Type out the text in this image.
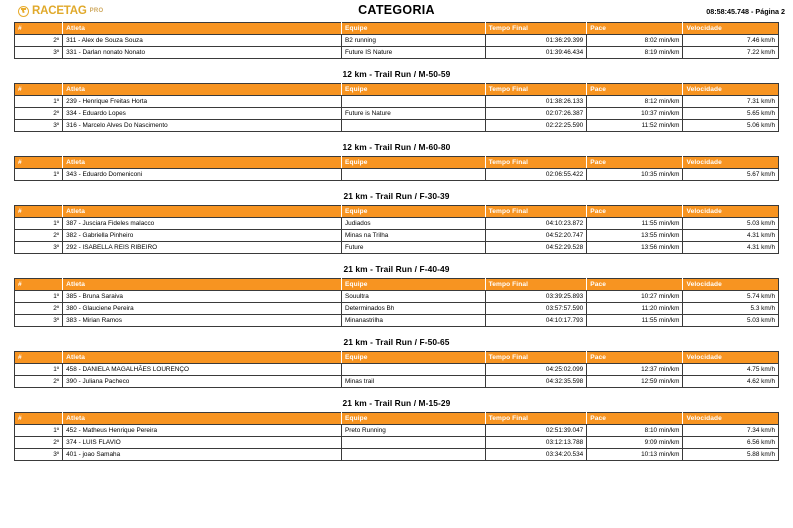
RACETAG PRO	CATEGORIA	08:58:45.748 - Página 2
#	Atleta	Equipe	Tempo Final	Pace	Velocidade
2º	311 - Alex de Souza Souza	B2 running	01:36:29.399	8:02 min/km	7.46 km/h
3º	331 - Darlan nonato Nonato	Future IS Nature	01:39:46.434	8:19 min/km	7.22 km/h
12 km - Trail Run / M-50-59
#	Atleta	Equipe	Tempo Final	Pace	Velocidade
1º	239 - Henrique Freitas Horta		01:38:26.133	8:12 min/km	7.31 km/h
2º	334 - Eduardo Lopes	Future is Nature	02:07:26.387	10:37 min/km	5.65 km/h
3º	316 - Marcelo Alves Do Nascimento		02:22:25.590	11:52 min/km	5.06 km/h
12 km - Trail Run / M-60-80
#	Atleta	Equipe	Tempo Final	Pace	Velocidade
1º	343 - Eduardo Domeniconi		02:06:55.422	10:35 min/km	5.67 km/h
21 km - Trail Run / F-30-39
#	Atleta	Equipe	Tempo Final	Pace	Velocidade
1º	387 - Jusciara Fideles malacco	Judiados	04:10:23.872	11:55 min/km	5.03 km/h
2º	382 - Gabriella Pinheiro	Minas na Trilha	04:52:20.747	13:55 min/km	4.31 km/h
3º	292 - ISABELLA REIS RIBEIRO	Future	04:52:29.528	13:56 min/km	4.31 km/h
21 km - Trail Run / F-40-49
#	Atleta	Equipe	Tempo Final	Pace	Velocidade
1º	385 - Bruna Saraiva	Souultra	03:39:25.893	10:27 min/km	5.74 km/h
2º	380 - Glauciene Pereira	Determinados Bh	03:57:57.590	11:20 min/km	5.3 km/h
3º	383 - Mirian Ramos	Minanastrilha	04:10:17.793	11:55 min/km	5.03 km/h
21 km - Trail Run / F-50-65
#	Atleta	Equipe	Tempo Final	Pace	Velocidade
1º	458 - DANIELA MAGALHÃES LOURENÇO		04:25:02.099	12:37 min/km	4.75 km/h
2º	390 - Juliana Pacheco	Minas trail	04:32:35.598	12:59 min/km	4.62 km/h
21 km - Trail Run / M-15-29
#	Atleta	Equipe	Tempo Final	Pace	Velocidade
1º	452 - Matheus Henrique Pereira	Preto Running	02:51:39.047	8:10 min/km	7.34 km/h
2º	374 - LUIS FLAVIO		03:12:13.788	9:09 min/km	6.56 km/h
3º	401 - joao Samaha		03:34:20.534	10:13 min/km	5.88 km/h
